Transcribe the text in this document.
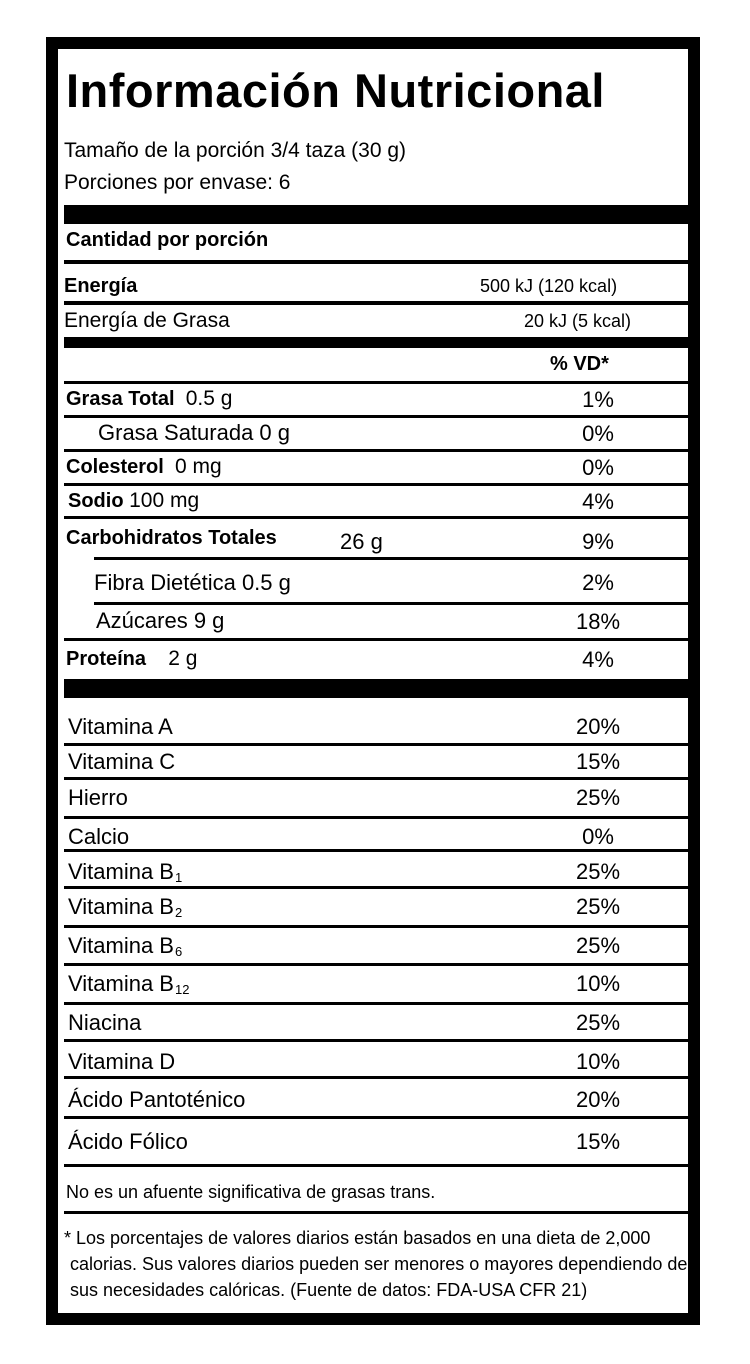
Información Nutricional
Tamaño de la porción 3/4 taza (30 g)
Porciones por envase: 6
Cantidad por porción
Energía	500 kJ (120 kcal)
Energía de Grasa	20 kJ (5 kcal)
% VD*
Grasa Total 0.5 g	1%
Grasa Saturada 0 g	0%
Colesterol 0 mg	0%
Sodio 100 mg	4%
Carbohidratos Totales	26 g	9%
Fibra Dietética 0.5 g	2%
Azúcares 9 g	18%
Proteína 2 g	4%
Vitamina A	20%
Vitamina C	15%
Hierro	25%
Calcio	0%
Vitamina $B_1$	25%
Vitamina $B_2$	25%
Vitamina $B_6$	25%
Vitamina $B_{12}$	10%
Niacina	25%
Vitamina D	10%
Ácido Pantoténico	20%
Ácido Fólico	15%
No es un afuente significativa de grasas trans.
* Los porcentajes de valores diarios están basados en una dieta de 2,000 calorias. Sus valores diarios pueden ser menores o mayores dependiendo de sus necesidades calóricas. (Fuente de datos: FDA-USA CFR 21)
